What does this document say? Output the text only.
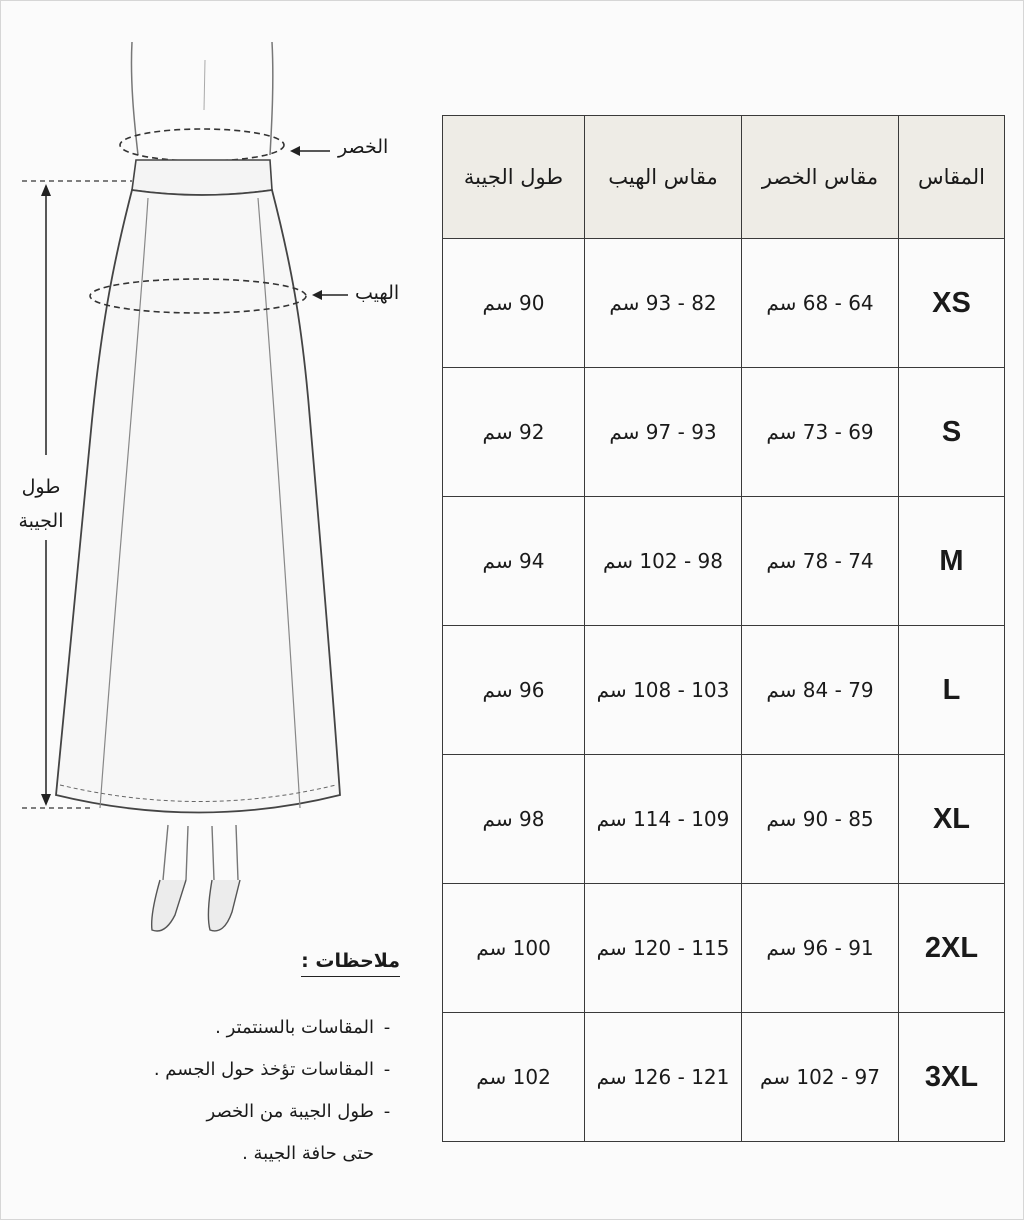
الخصر
الهيب
طول الجيبة
المقاس	مقاس الخصر	مقاس الهيب	طول الجيبة
XS	64 - 68 سم	82 - 93 سم	90 سم
S	69 - 73 سم	93 - 97 سم	92 سم
M	74 - 78 سم	98 - 102 سم	94 سم
L	79 - 84 سم	103 - 108 سم	96 سم
XL	85 - 90 سم	109 - 114 سم	98 سم
2XL	91 - 96 سم	115 - 120 سم	100 سم
3XL	97 - 102 سم	121 - 126 سم	102 سم
ملاحظات :
-المقاسات بالسنتمتر .
-المقاسات تؤخذ حول الجسم .
-طول الجيبة من الخصر
حتى حافة الجيبة .
